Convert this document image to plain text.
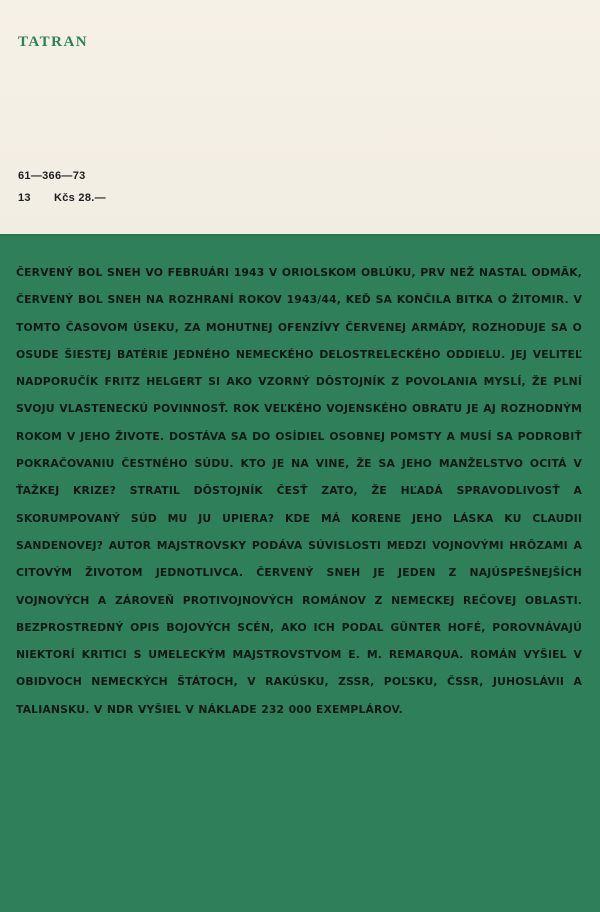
TATRAN
61—366—73
13 Kčs 28.—

ČERVENÝ BOL SNEH VO FEBRUÁRI 1943 V ORIOLSKOM OBLÚKU, PRV NEŽ NASTAL ODMÄK, ČERVENÝ BOL SNEH NA ROZHRANÍ ROKOV 1943/44, KEĎ SA KONČILA BITKA O ŽITOMIR. V TOMTO ČASOVOM ÚSEKU, ZA MOHUTNEJ OFENZÍVY ČERVENEJ ARMÁDY, ROZHODUJE SA O OSUDE ŠIESTEJ BATÉRIE JEDNÉHO NEMECKÉHO DELOSTRELECKÉHO ODDIELU. JEJ VELITEĽ NADPORUČÍK FRITZ HELGERT SI AKO VZORNÝ DÔSTOJNÍK Z POVOLANIA MYSLÍ, ŽE PLNÍ SVOJU VLASTENECKÚ POVINNOSŤ. ROK VEĽKÉHO VOJENSKÉHO OBRATU JE AJ ROZHODNÝM ROKOM V JEHO ŽIVOTE. DOSTÁVA SA DO OSÍDIEL OSOBNEJ POMSTY A MUSÍ SA PODROBIŤ POKRAČOVANIU ČESTNÉHO SÚDU. KTO JE NA VINE, ŽE SA JEHO MANŽELSTVO OCITÁ V ŤAŽKEJ KRIZE? STRATIL DÔSTOJNÍK ČESŤ ZATO, ŽE HĽADÁ SPRAVODLIVOSŤ A SKORUMPOVANÝ SÚD MU JU UPIERA? KDE MÁ KORENE JEHO LÁSKA KU CLAUDII SANDENOVEJ? AUTOR MAJSTROVSKY PODÁVA SÚVISLOSTI MEDZI VOJNOVÝMI HRÔZAMI A CITOVÝM ŽIVOTOM JEDNOTLIVCA. ČERVENÝ SNEH JE JEDEN Z NAJÚSPEŠNEJŠÍCH VOJNOVÝCH A ZÁROVEŇ PROTIVOJNOVÝCH ROMÁNOV Z NEMECKEJ REČOVEJ OBLASTI. BEZPROSTREDNÝ OPIS BOJOVÝCH SCÉN, AKO ICH PODAL GÜNTER HOFÉ, POROVNÁVAJÚ NIEKTORÍ KRITICI S UMELECKÝM MAJSTROVSTVOM E. M. REMARQUA. ROMÁN VYŠIEL V OBIDVOCH NEMECKÝCH ŠTÁTOCH, V RAKÚSKU, ZSSR, POĽSKU, ČSSR, JUHOSLÁVII A TALIANSKU. V NDR VYŠIEL V NÁKLADE 232 000 EXEMPLÁROV.
